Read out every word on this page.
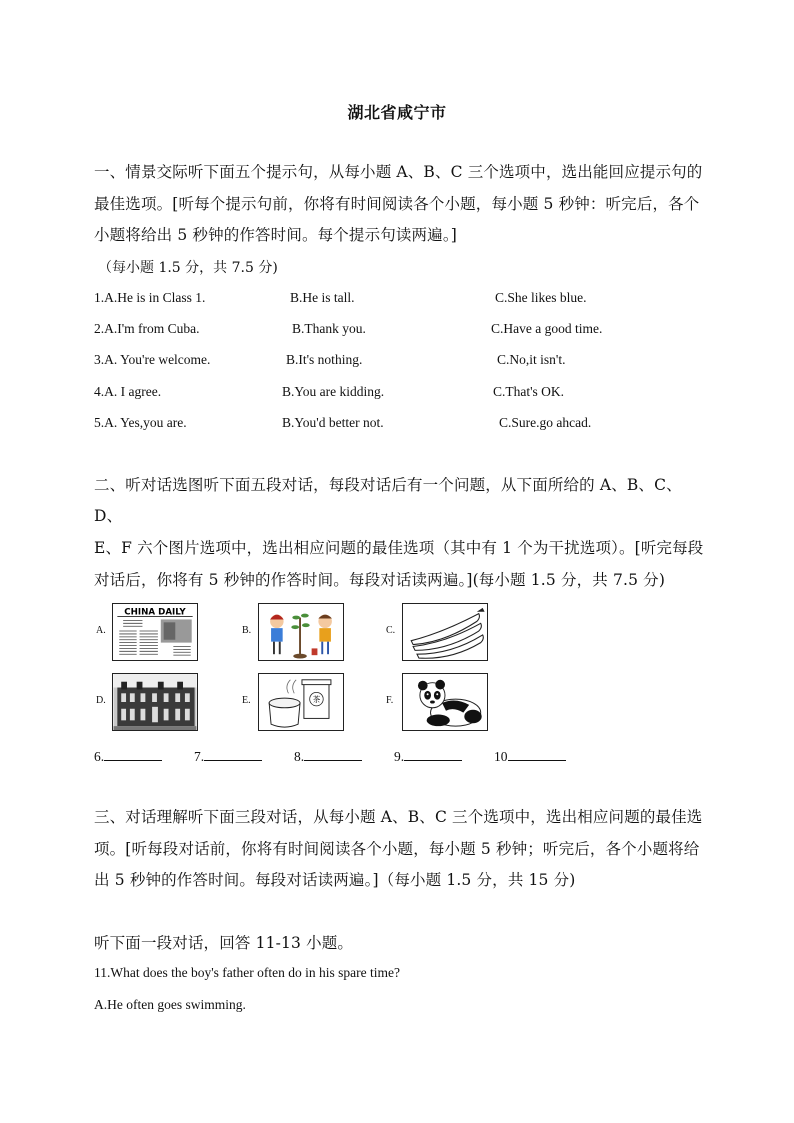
湖北省咸宁市
一、情景交际听下面五个提示句，从每小题 A、B、C 三个选项中，选出能回应提示句的最佳选项。[听每个提示句前，你将有时间阅读各个小题，每小题 5 秒钟：听完后，各个小题将给出 5 秒钟的作答时间。每个提示句读两遍。]
（每小题 1.5 分，共 7.5 分)
1.A.He is in Class 1.	B.He is tall.	C.She likes blue.
2.A.I'm from Cuba.	B.Thank you.	C.Have a good time.
3.A. You're welcome.	B.It's nothing.	C.No,it isn't.
4.A. I agree.	B.You are kidding.	C.That's OK.
5.A. Yes,you are.	B.You'd better not.	C.Sure.go ahcad.
二、听对话选图听下面五段对话，每段对话后有一个问题，从下面所给的 A、B、C、
D、
E、F 六个图片选项中，选出相应问题的最佳选项（其中有 1 个为干扰选项）。[听完每段对话后，你将有 5 秒钟的作答时间。每段对话读两遍。](每小题 1.5 分，共 7.5 分)
A.
CHINA DAILY
B.	C.
D.	E.	茶	F.
6.	7.	8.	9.	10
三、对话理解听下面三段对话，从每小题 A、B、C 三个选项中，选出相应问题的最佳选项。[听每段对话前，你将有时间阅读各个小题，每小题 5 秒钟；听完后，各个小题将给出 5 秒钟的作答时间。每段对话读两遍。]（每小题 1.5 分，共 15 分)
听下面一段对话，回答 11-13 小题。
11.What does the boy's father often do in his spare time?
A.He often goes swimming.
